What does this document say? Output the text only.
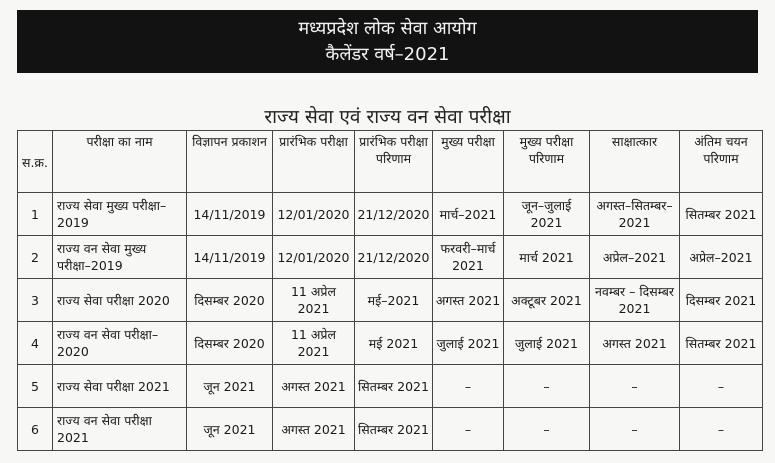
मध्यप्रदेश लोक सेवा आयोग
कैलेंडर वर्ष–2021
राज्य सेवा एवं राज्य वन सेवा परीक्षा
स.क्र.	परीक्षा का नाम	विज्ञापन प्रकाशन	प्रारंभिक परीक्षा	प्रारंभिक परीक्षा परिणाम	मुख्य परीक्षा	मुख्य परीक्षा परिणाम	साक्षात्कार	अंतिम चयन परिणाम
1	राज्य सेवा मुख्य परीक्षा–2019	14/11/2019	12/01/2020	21/12/2020	मार्च–2021	जून–जुलाई 2021	अगस्त–सितम्बर–2021	सितम्बर 2021
2	राज्य वन सेवा मुख्य परीक्षा–2019	14/11/2019	12/01/2020	21/12/2020	फरवरी–मार्च 2021	मार्च 2021	अप्रेल–2021	अप्रेल–2021
3	राज्य सेवा परीक्षा 2020	दिसम्बर 2020	11 अप्रेल 2021	मई–2021	अगस्त 2021	अक्टूबर 2021	नवम्बर – दिसम्बर 2021	दिसम्बर 2021
4	राज्य वन सेवा परीक्षा–2020	दिसम्बर 2020	11 अप्रेल 2021	मई 2021	जुलाई 2021	जुलाई 2021	अगस्त 2021	सितम्बर 2021
5	राज्य सेवा परीक्षा 2021	जून 2021	अगस्त 2021	सितम्बर 2021	–	–	–	–
6	राज्य वन सेवा परीक्षा 2021	जून 2021	अगस्त 2021	सितम्बर 2021	–	–	–	–
